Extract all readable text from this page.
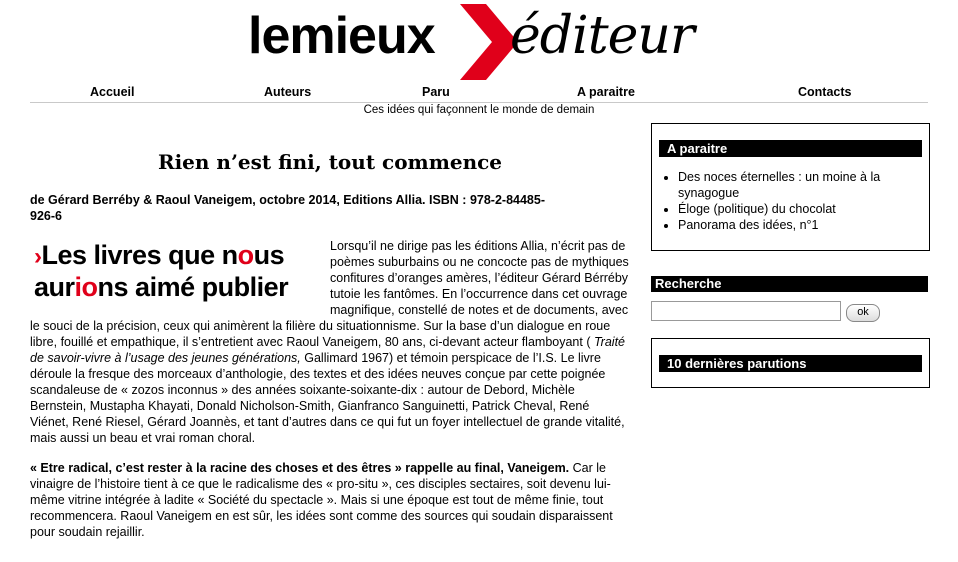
lemieux éditeur
Accueil	Auteurs	Paru	A paraitre	Contacts
Ces idées qui façonnent le monde de demain
Rien n’est fini, tout commence

de Gérard Berréby & Raoul Vaneigem, octobre 2014, Editions Allia. ISBN : 978-2-84485-926-6

›Les livres que nous
aurions aimé publier

Lorsqu’il ne dirige pas les éditions Allia, n’écrit pas de poèmes suburbains ou ne concocte pas de mythiques confitures d’oranges amères, l’éditeur Gérard Bérréby tutoie les fantômes. En l’occurrence dans cet ouvrage magnifique, constellé de notes et de documents, avec le souci de la précision, ceux qui animèrent la filière du situationnisme. Sur la base d’un dialogue en roue libre, fouillé et empathique, il s’entretient avec Raoul Vaneigem, 80 ans, ci-devant acteur flamboyant ( Traité de savoir-vivre à l’usage des jeunes générations, Gallimard 1967) et témoin perspicace de l’I.S. Le livre déroule la fresque des morceaux d’anthologie, des textes et des idées neuves conçue par cette poignée scandaleuse de « zozos inconnus » des années soixante-soixante-dix : autour de Debord, Michèle Bernstein, Mustapha Khayati, Donald Nicholson-Smith, Gianfranco Sanguinetti, Patrick Cheval, René Viénet, René Riesel, Gérard Joannès, et tant d’autres dans ce qui fut un foyer intellectuel de grande vitalité, mais aussi un beau et vrai roman choral.

« Etre radical, c’est rester à la racine des choses et des êtres » rappelle au final, Vaneigem. Car le vinaigre de l’histoire tient à ce que le radicalisme des « pro-situ », ces disciples sectaires, soit devenu lui-même vitrine intégrée à ladite « Société du spectacle ». Mais si une époque est tout de même finie, tout recommencera. Raoul Vaneigem en est sûr, les idées sont comme des sources qui soudain disparaissent pour soudain rejaillir.

A paraitre
• Des noces éternelles : un moine à la synagogue
• Éloge (politique) du chocolat
• Panorama des idées, n°1
Recherche
ok
10 dernières parutions
